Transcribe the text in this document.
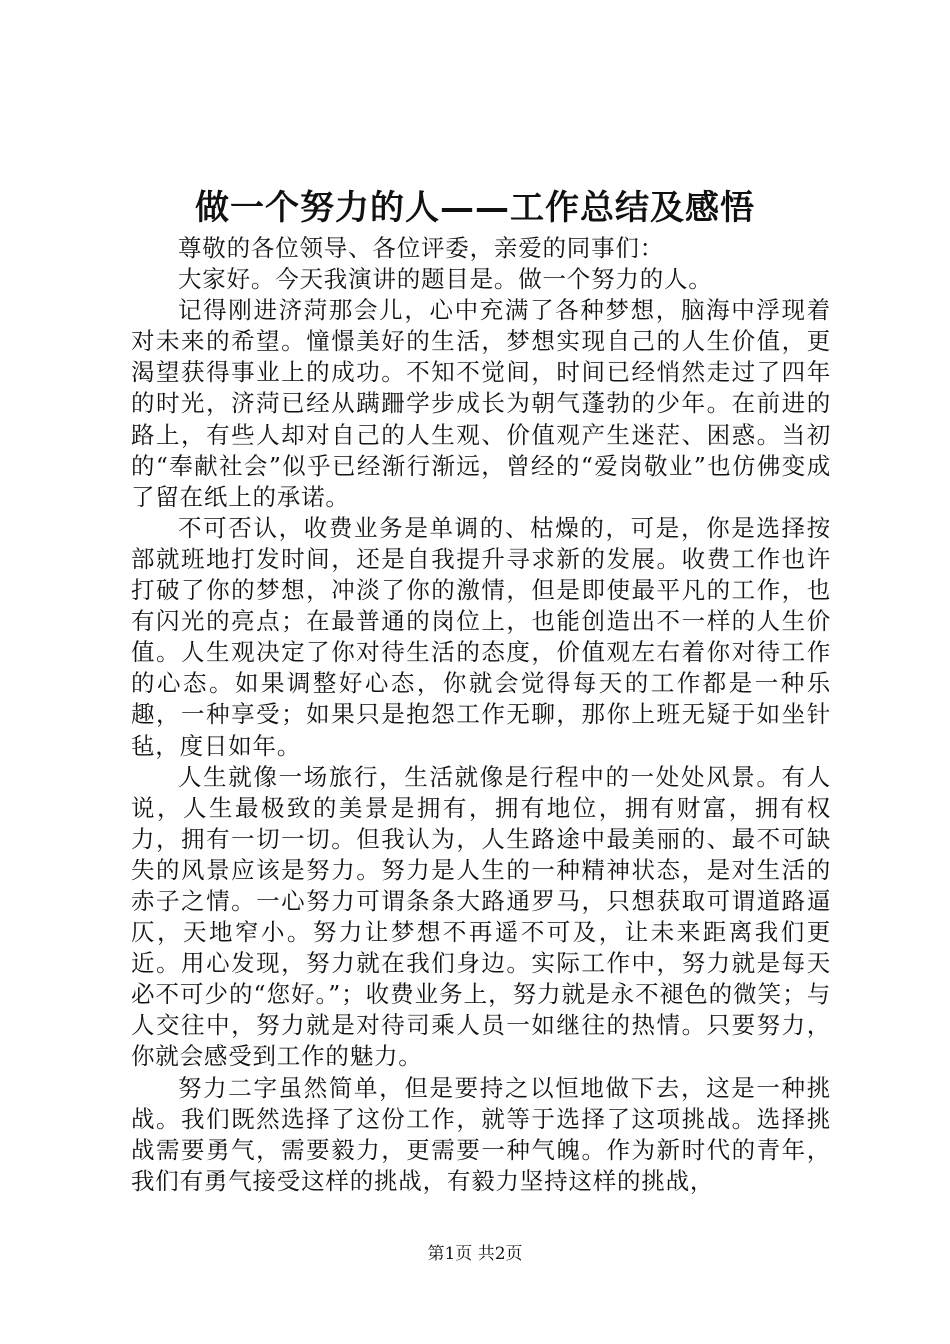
做一个努力的人——工作总结及感悟

尊敬的各位领导、各位评委，亲爱的同事们：

大家好。今天我演讲的题目是。做一个努力的人。

记得刚进济菏那会儿，心中充满了各种梦想，脑海中浮现着对未来的希望。憧憬美好的生活，梦想实现自己的人生价值，更渴望获得事业上的成功。不知不觉间，时间已经悄然走过了四年的时光，济菏已经从蹒跚学步成长为朝气蓬勃的少年。在前进的路上，有些人却对自己的人生观、价值观产生迷茫、困惑。当初的“奉献社会”似乎已经渐行渐远，曾经的“爱岗敬业”也仿佛变成了留在纸上的承诺。

不可否认，收费业务是单调的、枯燥的，可是，你是选择按部就班地打发时间，还是自我提升寻求新的发展。收费工作也许打破了你的梦想，冲淡了你的激情，但是即使最平凡的工作，也有闪光的亮点；在最普通的岗位上，也能创造出不一样的人生价值。人生观决定了你对待生活的态度，价值观左右着你对待工作的心态。如果调整好心态，你就会觉得每天的工作都是一种乐趣，一种享受；如果只是抱怨工作无聊，那你上班无疑于如坐针毡，度日如年。

人生就像一场旅行，生活就像是行程中的一处处风景。有人说，人生最极致的美景是拥有，拥有地位，拥有财富，拥有权力，拥有一切一切。但我认为，人生路途中最美丽的、最不可缺失的风景应该是努力。努力是人生的一种精神状态，是对生活的赤子之情。一心努力可谓条条大路通罗马，只想获取可谓道路逼仄，天地窄小。努力让梦想不再遥不可及，让未来距离我们更近。用心发现，努力就在我们身边。实际工作中，努力就是每天必不可少的“您好。”；收费业务上，努力就是永不褪色的微笑；与人交往中，努力就是对待司乘人员一如继往的热情。只要努力，你就会感受到工作的魅力。

努力二字虽然简单，但是要持之以恒地做下去，这是一种挑战。我们既然选择了这份工作，就等于选择了这项挑战。选择挑战需要勇气，需要毅力，更需要一种气魄。作为新时代的青年，我们有勇气接受这样的挑战，有毅力坚持这样的挑战，

第1页 共2页
